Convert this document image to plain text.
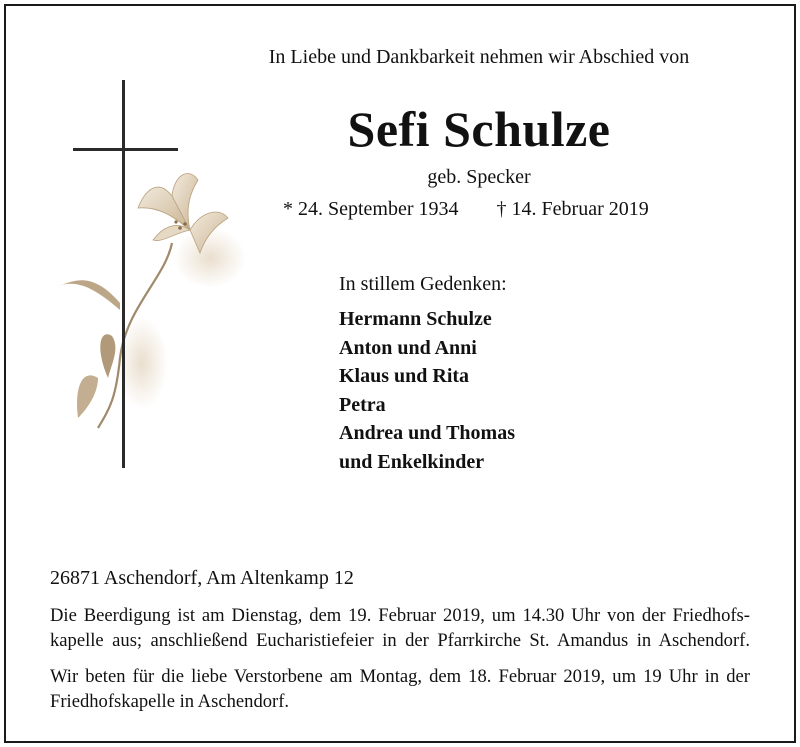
In Liebe und Dankbarkeit nehmen wir Abschied von
Sefi Schulze
geb. Specker
* 24. September 1934 † 14. Februar 2019
In stillem Gedenken:
Hermann Schulze
Anton und Anni
Klaus und Rita
Petra
Andrea und Thomas
und Enkelkinder
26871 Aschendorf, Am Altenkamp 12

Die Beerdigung ist am Dienstag, dem 19. Februar 2019, um 14.30 Uhr von der Friedhofs-
kapelle aus; anschließend Eucharistiefeier in der Pfarrkirche St. Amandus in Aschendorf.

Wir beten für die liebe Verstorbene am Montag, dem 18. Februar 2019, um 19 Uhr in der
Friedhofskapelle in Aschendorf.
